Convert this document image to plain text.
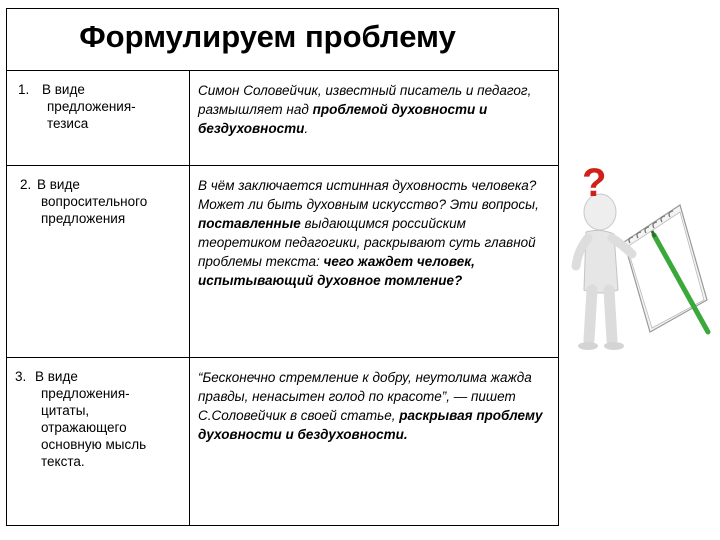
Формулируем проблему
1. В виде
предложения-
тезиса
Симон Соловейчик, известный писатель и педагог, размышляет над проблемой духовности и бездуховности.
2. В виде
вопросительного
предложения
В чём заключается истинная духовность человека? Может ли быть духовным искусство? Эти вопросы, поставленные выдающимся российским теоретиком педагогики, раскрывают суть главной проблемы текста: чего жаждет человек, испытывающий духовное томление?
3. В виде
предложения-
цитаты,
отражающего
основную мысль
текста.
“Бесконечно стремление к добру, неутолима жажда правды, ненасытен голод по красоте”, — пишет С.Соловейчик в своей статье, раскрывая проблему духовности и бездуховности.
?
